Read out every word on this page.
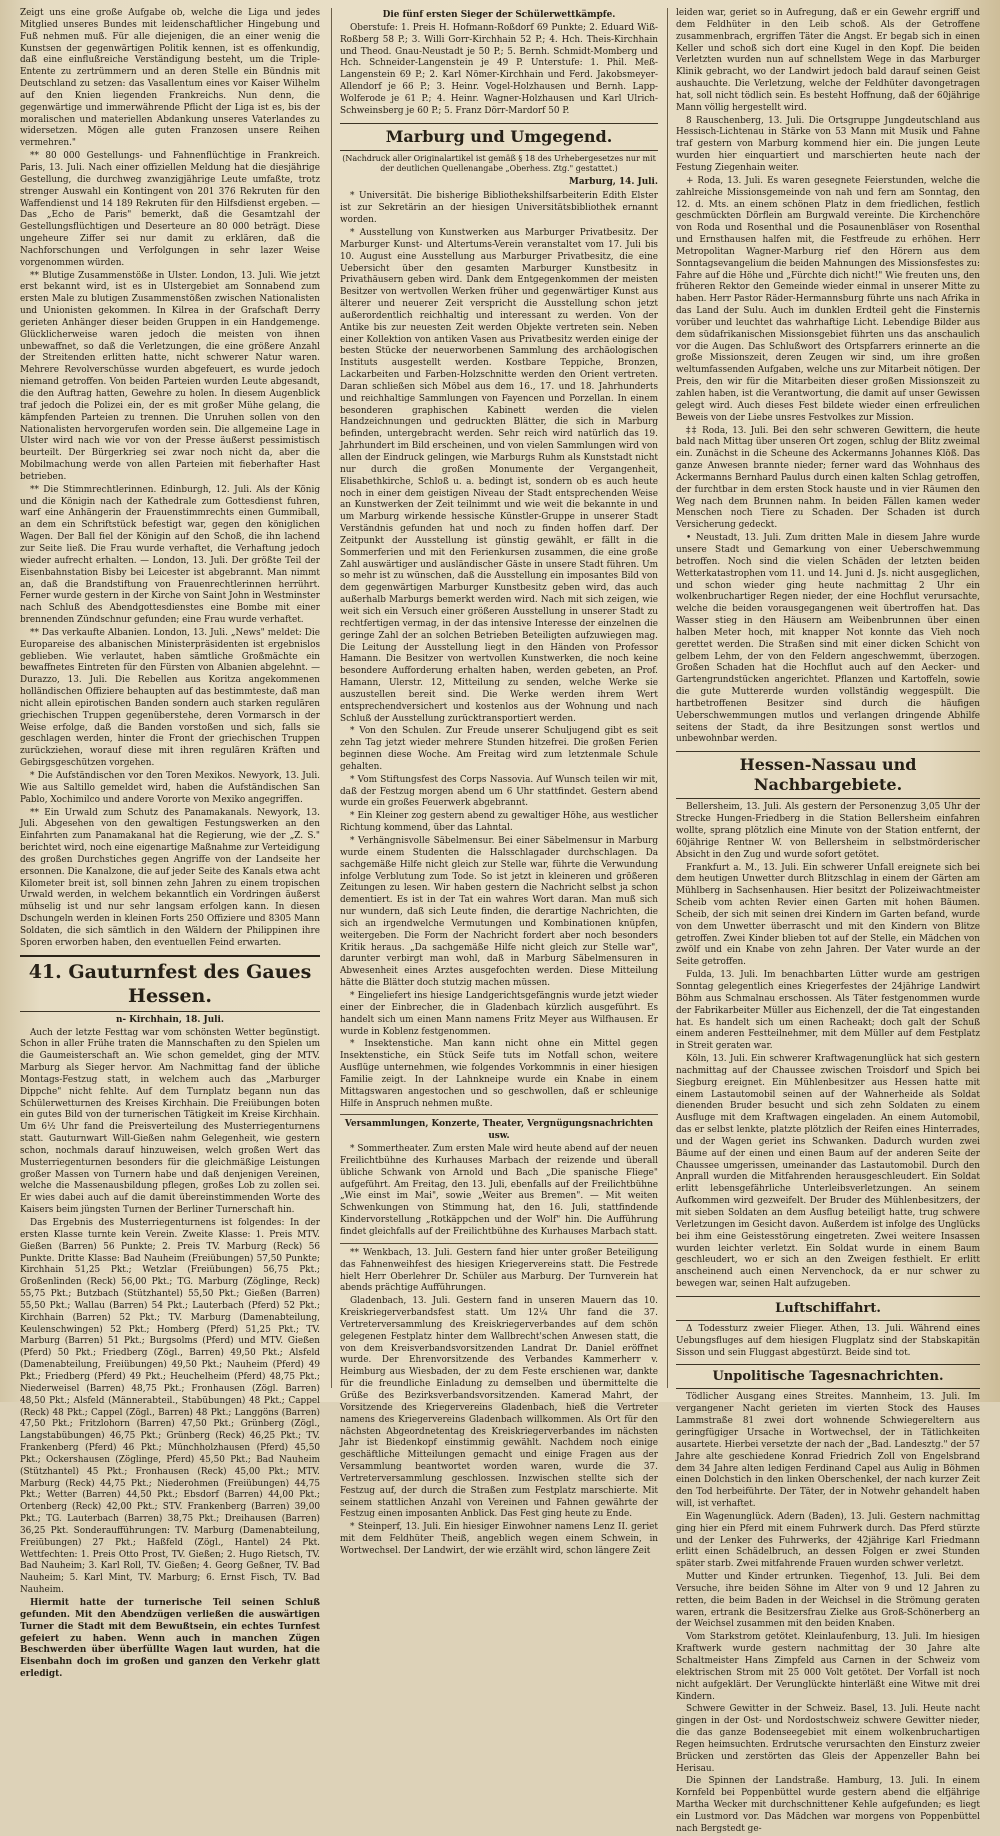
Zeigt uns eine große Aufgabe ob, welche die Liga und jedes Mitglied unseres Bundes mit leidenschaftlicher Hingebung und Fuß nehmen muß. Für alle diejenigen, die an einer wenig die Kunstsen der gegenwärtigen Politik kennen, ist es offenkundig, daß eine einflußreiche Verständigung besteht, um die Triple-Entente zu zertrümmern und an deren Stelle ein Bündnis mit Deutschland zu setzen: das Vasallentum eines vor Kaiser Wilhelm auf den Knien liegenden Frankreichs. Nun denn, die gegenwärtige und immerwährende Pflicht der Liga ist es, bis der moralischen und materiellen Abdankung unseres Vaterlandes zu widersetzen. Mögen alle guten Franzosen unsere Reihen vermehren."

** 80 000 Gestellungs- und Fahnenflüchtige in Frankreich. Paris, 13. Juli. Nach einer offiziellen Meldung hat die diesjährige Gestellung, die durchweg zwanzigjährige Leute umfaßte, trotz strenger Auswahl ein Kontingent von 201 376 Rekruten für den Waffendienst und 14 189 Rekruten für den Hilfsdienst ergeben. — Das „Echo de Paris" bemerkt, daß die Gesamtzahl der Gestellungsflüchtigen und Deserteure an 80 000 beträgt. Diese ungeheure Ziffer sei nur damit zu erklären, daß die Nachforschungen und Verfolgungen in sehr lazer Weise vorgenommen würden.

** Blutige Zusammenstöße in Ulster. London, 13. Juli. Wie jetzt erst bekannt wird, ist es in Ulstergebiet am Sonnabend zum ersten Male zu blutigen Zusammenstößen zwischen Nationalisten und Unionisten gekommen. In Kilrea in der Grafschaft Derry gerieten Anhänger dieser beiden Gruppen in ein Handgemenge. Glücklicherweise waren jedoch die meisten von ihnen unbewaffnet, so daß die Verletzungen, die eine größere Anzahl der Streitenden erlitten hatte, nicht schwerer Natur waren. Mehrere Revolverschüsse wurden abgefeuert, es wurde jedoch niemand getroffen. Von beiden Parteien wurden Leute abgesandt, die den Auftrag hatten, Gewehre zu holen. In diesem Augenblick traf jedoch die Polizei ein, der es mit großer Mühe gelang, die kämpfenden Parteien zu trennen. Die Unruhen sollen von den Nationalisten hervorgerufen worden sein. Die allgemeine Lage in Ulster wird nach wie vor von der Presse äußerst pessimistisch beurteilt. Der Bürgerkrieg sei zwar noch nicht da, aber die Mobilmachung werde von allen Parteien mit fieberhafter Hast betrieben.

** Die Stimmrechtlerinnen. Edinburgh, 12. Juli. Als der König und die Königin nach der Kathedrale zum Gottesdienst fuhren, warf eine Anhängerin der Frauenstimmrechts einen Gummiball, an dem ein Schriftstück befestigt war, gegen den königlichen Wagen. Der Ball fiel der Königin auf den Schoß, die ihn lachend zur Seite ließ. Die Frau wurde verhaftet, die Verhaftung jedoch wieder aufrecht erhalten. — London, 13. Juli. Der größte Teil der Eisenbahnstation Bisby bei Leicester ist abgebrannt. Man nimmt an, daß die Brandstiftung von Frauenrechtlerinnen herrührt. Ferner wurde gestern in der Kirche von Saint John in Westminster nach Schluß des Abendgottesdienstes eine Bombe mit einer brennenden Zündschnur gefunden; eine Frau wurde verhaftet.

** Das verkaufte Albanien. London, 13. Juli. „News" meldet: Die Europareise des albanischen Ministerpräsidenten ist ergebnislos geblieben. Wie verlautet, haben sämtliche Großmächte ein bewaffnetes Eintreten für den Fürsten von Albanien abgelehnt. — Durazzo, 13. Juli. Die Rebellen aus Koritza angekommenen holländischen Offiziere behaupten auf das bestimmteste, daß man nicht allein epirotischen Banden sondern auch starken regulären griechischen Truppen gegenüberstehe, deren Vormarsch in der Weise erfolge, daß die Banden vorstoßen und sich, falls sie geschlagen werden, hinter die Front der griechischen Truppen zurückziehen, worauf diese mit ihren regulären Kräften und Gebirgsgeschützen vorgehen.

* Die Aufständischen vor den Toren Mexikos. Newyork, 13. Juli. Wie aus Saltillo gemeldet wird, haben die Aufständischen San Pablo, Xochimilco und andere Vororte von Mexiko angegriffen.

** Ein Urwald zum Schutz des Panamakanals. Newyork, 13. Juli. Abgesehen von den gewaltigen Festungswerken an den Einfahrten zum Panamakanal hat die Regierung, wie der „Z. S." berichtet wird, noch eine eigenartige Maßnahme zur Verteidigung des großen Durchstiches gegen Angriffe von der Landseite her ersonnen. Die Kanalzone, die auf jeder Seite des Kanals etwa acht Kilometer breit ist, soll binnen zehn Jahren zu einem tropischen Urwald werden, in welchem bekanntlich ein Vordringen äußerst mühselig ist und nur sehr langsam erfolgen kann. In diesen Dschungeln werden in kleinen Forts 250 Offiziere und 8305 Mann Soldaten, die sich sämtlich in den Wäldern der Philippinen ihre Sporen erworben haben, den eventuellen Feind erwarten.

41. Gauturnfest des Gaues Hessen.
n- Kirchhain, 18. Juli.

Auch der letzte Festtag war vom schönsten Wetter begünstigt. Schon in aller Frühe traten die Mannschaften zu den Spielen um die Gaumeisterschaft an. Wie schon gemeldet, ging der MTV. Marburg als Sieger hervor. Am Nachmittag fand der übliche Montags-Festzug statt, in welchem auch das „Marburger Dippche" nicht fehlte. Auf dem Turnplatz begann nun das Schülerwetturnen des Kreises Kirchhain. Die Freiübungen boten ein gutes Bild von der turnerischen Tätigkeit im Kreise Kirchhain. Um 6½ Uhr fand die Preisverteilung des Musterriegenturnens statt. Gauturnwart Will-Gießen nahm Gelegenheit, wie gestern schon, nochmals darauf hinzuweisen, welch großen Wert das Musterriegenturnen besonders für die gleichmäßige Leistungen großer Massen von Turnern habe und daß denjenigen Vereinen, welche die Massenausbildung pflegen, großes Lob zu zollen sei. Er wies dabei auch auf die damit übereinstimmenden Worte des Kaisers beim jüngsten Turnen der Berliner Turnerschaft hin.

Das Ergebnis des Musterriegenturnens ist folgendes: In der ersten Klasse turnte kein Verein. Zweite Klasse: 1. Preis MTV. Gießen (Barren) 56 Punkte; 2. Preis TV. Marburg (Reck) 56 Punkte. Dritte Klasse: Bad Nauheim (Freiübungen) 57,50 Punkte; Kirchhain 51,25 Pkt.; Wetzlar (Freiübungen) 56,75 Pkt.; Großenlinden (Reck) 56,00 Pkt.; TG. Marburg (Zöglinge, Reck) 55,75 Pkt.; Butzbach (Stützhantel) 55,50 Pkt.; Gießen (Barren) 55,50 Pkt.; Wallau (Barren) 54 Pkt.; Lauterbach (Pferd) 52 Pkt.; Kirchhain (Barren) 52 Pkt.; TV. Marburg (Damenabteilung, Keulenschwingen) 52 Pkt.; Homberg (Pferd) 51,25 Pkt.; TV. Marburg (Barren) 51 Pkt.; Burgsolms (Pferd) und MTV. Gießen (Pferd) 50 Pkt.; Friedberg (Zögl., Barren) 49,50 Pkt.; Alsfeld (Damenabteilung, Freiübungen) 49,50 Pkt.; Nauheim (Pferd) 49 Pkt.; Friedberg (Pferd) 49 Pkt.; Heuchelheim (Pferd) 48,75 Pkt.; Niederweisel (Barren) 48,75 Pkt.; Fronhausen (Zögl. Barren) 48,50 Pkt.; Alsfeld (Männerabteil., Stabübungen) 48 Pkt.; Cappel (Reck) 48 Pkt.; Cappel (Zögl., Barren) 48 Pkt.; Langgöns (Barren) 47,50 Pkt.; Fritzlohorn (Barren) 47,50 Pkt.; Grünberg (Zögl., Langstabübungen) 46,75 Pkt.; Grünberg (Reck) 46,25 Pkt.; TV. Frankenberg (Pferd) 46 Pkt.; Münchholzhausen (Pferd) 45,50 Pkt.; Ockershausen (Zöglinge, Pferd) 45,50 Pkt.; Bad Nauheim (Stützhantel) 45 Pkt.; Fronhausen (Reck) 45,00 Pkt.; MTV. Marburg (Reck) 44,75 Pkt.; Niederohmen (Freiübungen) 44,75 Pkt.; Wetter (Barren) 44,50 Pkt.; Ebsdorf (Barren) 44,00 Pkt.; Ortenberg (Reck) 42,00 Pkt.; STV. Frankenberg (Barren) 39,00 Pkt.; TG. Lauterbach (Barren) 38,75 Pkt.; Dreihausen (Barren) 36,25 Pkt. Sonderaufführungen: TV. Marburg (Damenabteilung, Freiübungen) 27 Pkt.; Haßfeld (Zögl., Hantel) 24 Pkt. Wettfechten: 1. Preis Otto Prost, TV. Gießen; 2. Hugo Rietsch, TV. Bad Nauheim; 3. Karl Roll, TV. Gießen; 4. Georg Geßner, TV. Bad Nauheim; 5. Karl Mint, TV. Marburg; 6. Ernst Fisch, TV. Bad Nauheim.

Hiermit hatte der turnerische Teil seinen Schluß gefunden. Mit den Abendzügen verließen die auswärtigen Turner die Stadt mit dem Bewußtsein, ein echtes Turnfest gefeiert zu haben. Wenn auch in manchen Zügen Beschwerden über überfüllte Wagen laut wurden, hat die Eisenbahn doch im großen und ganzen den Verkehr glatt erledigt.

Die fünf ersten Sieger der Schülerwettkämpfe.

Oberstufe: 1. Preis H. Hofmann-Roßdorf 69 Punkte; 2. Eduard Wiß-Roßberg 58 P.; 3. Willi Gorr-Kirchhain 52 P.; 4. Hch. Theis-Kirchhain und Theod. Gnau-Neustadt je 50 P.; 5. Bernh. Schmidt-Momberg und Hch. Schneider-Langenstein je 49 P. Unterstufe: 1. Phil. Meß-Langenstein 69 P.; 2. Karl Nömer-Kirchhain und Ferd. Jakobsmeyer-Allendorf je 66 P.; 3. Heinr. Vogel-Holzhausen und Bernh. Lapp-Wolferode je 61 P.; 4. Heinr. Wagner-Holzhausen und Karl Ulrich-Schweinsberg je 60 P.; 5. Franz Dörr-Mardorf 50 P.

Marburg und Umgegend.
(Nachdruck aller Originalartikel ist gemäß § 18 des Urhebergesetzes nur mit der deutlichen Quellenangabe „Oberhess. Ztg." gestattet.)
Marburg, 14. Juli.

* Universität. Die bisherige Bibliothekshilfsarbeiterin Edith Elster ist zur Sekretärin an der hiesigen Universitätsbibliothek ernannt worden.

* Ausstellung von Kunstwerken aus Marburger Privatbesitz. Der Marburger Kunst- und Altertums-Verein veranstaltet vom 17. Juli bis 10. August eine Ausstellung aus Marburger Privatbesitz, die eine Uebersicht über den gesamten Marburger Kunstbesitz in Privathäusern geben wird. Dank dem Entgegenkommen der meisten Besitzer von wertvollen Werken früher und gegenwärtiger Kunst aus älterer und neuerer Zeit verspricht die Ausstellung schon jetzt außerordentlich reichhaltig und interessant zu werden. Von der Antike bis zur neuesten Zeit werden Objekte vertreten sein. Neben einer Kollektion von antiken Vasen aus Privatbesitz werden einige der besten Stücke der neuerworbenen Sammlung des archäologischen Instituts ausgestellt werden. Kostbare Teppiche, Bronzen, Lackarbeiten und Farben-Holzschnitte werden den Orient vertreten. Daran schließen sich Möbel aus dem 16., 17. und 18. Jahrhunderts und reichhaltige Sammlungen von Fayencen und Porzellan. In einem besonderen graphischen Kabinett werden die vielen Handzeichnungen und gedruckten Blätter, die sich in Marburg befinden, untergebracht werden. Sehr reich wird natürlich das 19. Jahrhundert im Bild erscheinen, und von vielen Sammlungen wird von allen der Eindruck gelingen, wie Marburgs Ruhm als Kunststadt nicht nur durch die großen Monumente der Vergangenheit, Elisabethkirche, Schloß u. a. bedingt ist, sondern ob es auch heute noch in einer dem geistigen Niveau der Stadt entsprechenden Weise an Kunstwerken der Zeit teilnimmt und wie weit die bekannte in und um Marburg wirkende hessische Künstler-Gruppe in unserer Stadt Verständnis gefunden hat und noch zu finden hoffen darf. Der Zeitpunkt der Ausstellung ist günstig gewählt, er fällt in die Sommerferien und mit den Ferienkursen zusammen, die eine große Zahl auswärtiger und ausländischer Gäste in unsere Stadt führen. Um so mehr ist zu wünschen, daß die Ausstellung ein imposantes Bild von dem gegenwärtigen Marburger Kunstbesitz geben wird, das auch außerhalb Marburgs bemerkt werden wird. Nach mit sich zeigen, wie weit sich ein Versuch einer größeren Ausstellung in unserer Stadt zu rechtfertigen vermag, in der das intensive Interesse der einzelnen die geringe Zahl der an solchen Betrieben Beteiligten aufzuwiegen mag. Die Leitung der Ausstellung liegt in den Händen von Professor Hamann. Die Besitzer von wertvollen Kunstwerken, die noch keine besondere Aufforderung erhalten haben, werden gebeten, an Prof. Hamann, Ulerstr. 12, Mitteilung zu senden, welche Werke sie auszustellen bereit sind. Die Werke werden ihrem Wert entsprechendversichert und kostenlos aus der Wohnung und nach Schluß der Ausstellung zurücktransportiert werden.

* Von den Schulen. Zur Freude unserer Schuljugend gibt es seit zehn Tag jetzt wieder mehrere Stunden hitzefrei. Die großen Ferien beginnen diese Woche. Am Freitag wird zum letztenmale Schule gehalten.

* Vom Stiftungsfest des Corps Nassovia. Auf Wunsch teilen wir mit, daß der Festzug morgen abend um 6 Uhr stattfindet. Gestern abend wurde ein großes Feuerwerk abgebrannt.

* Ein Kleiner zog gestern abend zu gewaltiger Höhe, aus westlicher Richtung kommend, über das Lahntal.

* Verhängnisvolle Säbelmensur. Bei einer Säbelmensur in Marburg wurde einem Studenten die Halsschlagader durchschlagen. Da sachgemäße Hilfe nicht gleich zur Stelle war, führte die Verwundung infolge Verblutung zum Tode. So ist jetzt in kleineren und größeren Zeitungen zu lesen. Wir haben gestern die Nachricht selbst ja schon dementiert. Es ist in der Tat ein wahres Wort daran. Man muß sich nur wundern, daß sich Leute finden, die derartige Nachrichten, die sich an irgendwelche Vermutungen und Kombinationen knüpfen, weitergeben. Die Form der Nachricht fordert aber noch besonders Kritik heraus. „Da sachgemäße Hilfe nicht gleich zur Stelle war", darunter verbirgt man wohl, daß in Marburg Säbelmensuren in Abwesenheit eines Arztes ausgefochten werden. Diese Mitteilung hätte die Blätter doch stutzig machen müssen.

* Eingeliefert ins hiesige Landgerichtsgefängnis wurde jetzt wieder einer der Einbrecher, die in Gladenbach kürzlich ausgeführt. Es handelt sich um einen Mann namens Fritz Meyer aus Wilfhausen. Er wurde in Koblenz festgenommen.

* Insektenstiche. Man kann nicht ohne ein Mittel gegen Insektenstiche, ein Stück Seife tuts im Notfall schon, weitere Ausflüge unternehmen, wie folgendes Vorkommnis in einer hiesigen Familie zeigt. In der Lahnkneipe wurde ein Knabe in einem Mittagswaren angestochen und so geschwollen, daß er schleunige Hilfe in Anspruch nehmen mußte.

Versammlungen, Konzerte, Theater, Vergnügungsnachrichten usw.

* Sommertheater. Zum ersten Male wird heute abend auf der neuen Freilichtbühne des Kurhauses Marbach der reizende und überall übliche Schwank von Arnold und Bach „Die spanische Fliege" aufgeführt. Am Freitag, den 13. Juli, ebenfalls auf der Freilichtbühne „Wie einst im Mai", sowie „Weiter aus Bremen". — Mit weiten Schwenkungen von Stimmung hat, den 16. Juli, stattfindende Kindervorstellung „Rotkäppchen und der Wolf" hin. Die Aufführung findet gleichfalls auf der Freilichtbühne des Kurhauses Marbach statt.

** Wenkbach, 13. Juli. Gestern fand hier unter großer Beteiligung das Fahnenweihfest des hiesigen Kriegervereins statt. Die Festrede hielt Herr Oberlehrer Dr. Schüler aus Marburg. Der Turnverein hat abends prächtige Aufführungen.

Gladenbach, 13. Juli. Gestern fand in unseren Mauern das 10. Kreiskriegerverbandsfest statt. Um 12¼ Uhr fand die 37. Vertreterversammlung des Kreiskriegerverbandes auf dem schön gelegenen Festplatz hinter dem Wallbrecht'schen Anwesen statt, die von dem Kreisverbandsvorsitzenden Landrat Dr. Daniel eröffnet wurde. Der Ehrenvorsitzende des Verbandes Kammerherr v. Heimburg aus Wiesbaden, der zu dem Feste erschienen war, dankte für die freundliche Einladung zu demselben und übermittelte die Grüße des Bezirksverbandsvorsitzenden. Kamerad Mahrt, der Vorsitzende des Kriegervereins Gladenbach, hieß die Vertreter namens des Kriegervereins Gladenbach willkommen. Als Ort für den nächsten Abgeordnetentag des Kreiskriegerverbandes im nächsten Jahr ist Biedenkopf einstimmig gewählt. Nachdem noch einige geschäftliche Mitteilungen gemacht und einige Fragen aus der Versammlung beantwortet worden waren, wurde die 37. Vertreterversammlung geschlossen. Inzwischen stellte sich der Festzug auf, der durch die Straßen zum Festplatz marschierte. Mit seinem stattlichen Anzahl von Vereinen und Fahnen gewährte der Festzug einen imposanten Anblick. Das Fest ging heute zu Ende.

* Steinperf, 13. Juli. Ein hiesiger Einwohner namens Lenz II. geriet mit dem Feldhüter Theiß, angeblich wegen einem Schwein, in Wortwechsel. Der Landwirt, der wie erzählt wird, schon längere Zeit

leiden war, geriet so in Aufregung, daß er ein Gewehr ergriff und dem Feldhüter in den Leib schoß. Als der Getroffene zusammenbrach, ergriffen Täter die Angst. Er begab sich in einen Keller und schoß sich dort eine Kugel in den Kopf. Die beiden Verletzten wurden nun auf schnellstem Wege in das Marburger Klinik gebracht, wo der Landwirt jedoch bald darauf seinen Geist aushauchte. Die Verletzung, welche der Feldhüter davongetragen hat, soll nicht tödlich sein. Es besteht Hoffnung, daß der 60jährige Mann völlig hergestellt wird.

8 Rauschenberg, 13. Juli. Die Ortsgruppe Jungdeutschland aus Hessisch-Lichtenau in Stärke von 53 Mann mit Musik und Fahne traf gestern von Marburg kommend hier ein. Die jungen Leute wurden hier einquartiert und marschierten heute nach der Festung Ziegenhain weiter.

+ Roda, 13. Juli. Es waren gesegnete Feierstunden, welche die zahlreiche Missionsgemeinde von nah und fern am Sonntag, den 12. d. Mts. an einem schönen Platz in dem friedlichen, festlich geschmückten Dörflein am Burgwald vereinte. Die Kirchenchöre von Roda und Rosenthal und die Posaunenbläser von Rosenthal und Ernsthausen halfen mit, die Festfreude zu erhöhen. Herr Metropolitan Wagner-Marburg rief den Hörern aus dem Sonntagsevangelium die beiden Mahnungen des Missionsfestes zu: Fahre auf die Höhe und „Fürchte dich nicht!" Wie freuten uns, den früheren Rektor den Gemeinde wieder einmal in unserer Mitte zu haben. Herr Pastor Räder-Hermannsburg führte uns nach Afrika in das Land der Sulu. Auch im dunklen Erdteil geht die Finsternis vorüber und leuchtet das wahrhaftige Licht. Lebendige Bilder aus dem südafrikanischen Missionsgebiet führten uns das anschaulich vor die Augen. Das Schlußwort des Ortspfarrers erinnerte an die große Missionszeit, deren Zeugen wir sind, um ihre großen weltumfassenden Aufgaben, welche uns zur Mitarbeit nötigen. Der Preis, den wir für die Mitarbeiten dieser großen Missionszeit zu zahlen haben, ist die Verantwortung, die damit auf unser Gewissen gelegt wird. Auch dieses Fest bildete wieder einen erfreulichen Beweis von der Liebe unsres Festvolkes zur Mission.

‡‡ Roda, 13. Juli. Bei den sehr schweren Gewittern, die heute bald nach Mittag über unseren Ort zogen, schlug der Blitz zweimal ein. Zunächst in die Scheune des Ackermanns Johannes Klöß. Das ganze Anwesen brannte nieder; ferner ward das Wohnhaus des Ackermanns Bernhard Paulus durch einen kalten Schlag getroffen, der furchtbar in dem ersten Stock hauste und in vier Räumen den Weg nach dem Brunnen nahm. In beiden Fällen kamen weder Menschen noch Tiere zu Schaden. Der Schaden ist durch Versicherung gedeckt.

• Neustadt, 13. Juli. Zum dritten Male in diesem Jahre wurde unsere Stadt und Gemarkung von einer Ueberschwemmung betroffen. Noch sind die vielen Schäden der letzten beiden Wetterkatastrophen vom 11. und 14. Juni d. Js. nicht ausgeglichen, und schon wieder ging heute nachmittag 2 Uhr ein wolkenbruchartiger Regen nieder, der eine Hochflut verursachte, welche die beiden vorausgegangenen weit übertroffen hat. Das Wasser stieg in den Häusern am Weibenbrunnen über einen halben Meter hoch, mit knapper Not konnte das Vieh noch gerettet werden. Die Straßen sind mit einer dicken Schicht von gelbem Lehm, der von den Feldern angeschwemmt, überzogen. Großen Schaden hat die Hochflut auch auf den Aecker- und Gartengrundstücken angerichtet. Pflanzen und Kartoffeln, sowie die gute Muttererde wurden vollständig weggespült. Die hartbetroffenen Besitzer sind durch die häufigen Ueberschwemmungen mutlos und verlangen dringende Abhilfe seitens der Stadt, da ihre Besitzungen sonst wertlos und unbewohnbar werden.

Hessen-Nassau und Nachbargebiete.

Bellersheim, 13. Juli. Als gestern der Personenzug 3,05 Uhr der Strecke Hungen-Friedberg in die Station Bellersheim einfahren wollte, sprang plötzlich eine Minute von der Station entfernt, der 60jährige Rentner W. von Bellersheim in selbstmörderischer Absicht in den Zug und wurde sofort getötet.

Frankfurt a. M., 13. Juli. Ein schwerer Unfall ereignete sich bei dem heutigen Unwetter durch Blitzschlag in einem der Gärten am Mühlberg in Sachsenhausen. Hier besitzt der Polizeiwachtmeister Scheib vom achten Revier einen Garten mit hohen Bäumen. Scheib, der sich mit seinen drei Kindern im Garten befand, wurde von dem Unwetter überrascht und mit den Kindern von Blitze getroffen. Zwei Kinder blieben tot auf der Stelle, ein Mädchen von zwölf und ein Knabe von zehn Jahren. Der Vater wurde an der Seite getroffen.

Fulda, 13. Juli. Im benachbarten Lütter wurde am gestrigen Sonntag gelegentlich eines Kriegerfestes der 24jährige Landwirt Böhm aus Schmalnau erschossen. Als Täter festgenommen wurde der Fabrikarbeiter Müller aus Eichenzell, der die Tat eingestanden hat. Es handelt sich um einen Racheakt; doch galt der Schuß einem anderen Festteilnehmer, mit dem Müller auf dem Festplatz in Streit geraten war.

Köln, 13. Juli. Ein schwerer Kraftwagenunglück hat sich gestern nachmittag auf der Chaussee zwischen Troisdorf und Spich bei Siegburg ereignet. Ein Mühlenbesitzer aus Hessen hatte mit einem Lastautomobil seinen auf der Wahnerheide als Soldat dienenden Bruder besucht und sich zehn Soldaten zu einem Ausfluge mit dem Kraftwagen eingeladen. An einem Automobil, das er selbst lenkte, platzte plötzlich der Reifen eines Hinterrades, und der Wagen geriet ins Schwanken. Dadurch wurden zwei Bäume auf der einen und einen Baum auf der anderen Seite der Chaussee umgerissen, umeinander das Lastautomobil. Durch den Anprall wurden die Mitfahrenden herausgeschleudert. Ein Soldat erlitt lebensgefährliche Unterleibsverletzungen. An seinem Aufkommen wird gezweifelt. Der Bruder des Mühlenbesitzers, der mit sieben Soldaten an dem Ausflug beteiligt hatte, trug schwere Verletzungen im Gesicht davon. Außerdem ist infolge des Unglücks bei ihm eine Geistesstörung eingetreten. Zwei weitere Insassen wurden leichter verletzt. Ein Soldat wurde in einem Baum geschleudert, wo er sich an den Zweigen festhielt. Er erlitt anscheinend auch einen Nervenchock, da er nur schwer zu bewegen war, seinen Halt aufzugeben.

Luftschiffahrt.

Δ Todessturz zweier Flieger. Athen, 13. Juli. Während eines Uebungsfluges auf dem hiesigen Flugplatz sind der Stabskapitän Sisson und sein Fluggast abgestürzt. Beide sind tot.

Unpolitische Tagesnachrichten.

Tödlicher Ausgang eines Streites. Mannheim, 13. Juli. Im vergangener Nacht gerieten im vierten Stock des Hauses Lammstraße 81 zwei dort wohnende Schwiegereltern aus geringfügiger Ursache in Wortwechsel, der in Tätlichkeiten ausartete. Hierbei versetzte der nach der „Bad. Landesztg." der 57 Jahre alte geschiedene Konrad Friedrich Zoll von Engelsbrand dem 34 Jahre alten ledigen Ferdinand Capel aus Aulig in Böhmen einen Dolchstich in den linken Oberschenkel, der nach kurzer Zeit den Tod herbeiführte. Der Täter, der in Notwehr gehandelt haben will, ist verhaftet.

Ein Wagenunglück. Adern (Baden), 13. Juli. Gestern nachmittag ging hier ein Pferd mit einem Fuhrwerk durch. Das Pferd stürzte und der Lenker des Fuhrwerks, der 42jährige Karl Friedmann erlitt einen Schädelbruch, an dessen Folgen er zwei Stunden später starb. Zwei mitfahrende Frauen wurden schwer verletzt.

Mutter und Kinder ertrunken. Tiegenhof, 13. Juli. Bei dem Versuche, ihre beiden Söhne im Alter von 9 und 12 Jahren zu retten, die beim Baden in der Weichsel in die Strömung geraten waren, ertrank die Besitzersfrau Zielke aus Groß-Schönerberg an der Weichsel zusammen mit den beiden Knaben.

Vom Starkstrom getötet. Kleinlaufenburg, 13. Juli. Im hiesigen Kraftwerk wurde gestern nachmittag der 30 Jahre alte Schaltmeister Hans Zimpfeld aus Carnen in der Schweiz vom elektrischen Strom mit 25 000 Volt getötet. Der Vorfall ist noch nicht aufgeklärt. Der Verunglückte hinterläßt eine Witwe mit drei Kindern.

Schwere Gewitter in der Schweiz. Basel, 13. Juli. Heute nacht gingen in der Ost- und Nordostschweiz schwere Gewitter nieder, die das ganze Bodenseegebiet mit einem wolkenbruchartigen Regen heimsuchten. Erdrutsche verursachten den Einsturz zweier Brücken und zerstörten das Gleis der Appenzeller Bahn bei Herisau.

Die Spinnen der Landstraße. Hamburg, 13. Juli. In einem Kornfeld bei Poppenbüttel wurde gestern abend die elfjährige Martha Wecker mit durchschnittener Kehle aufgefunden; es liegt ein Lustmord vor. Das Mädchen war morgens von Poppenbüttel nach Bergstedt ge-
